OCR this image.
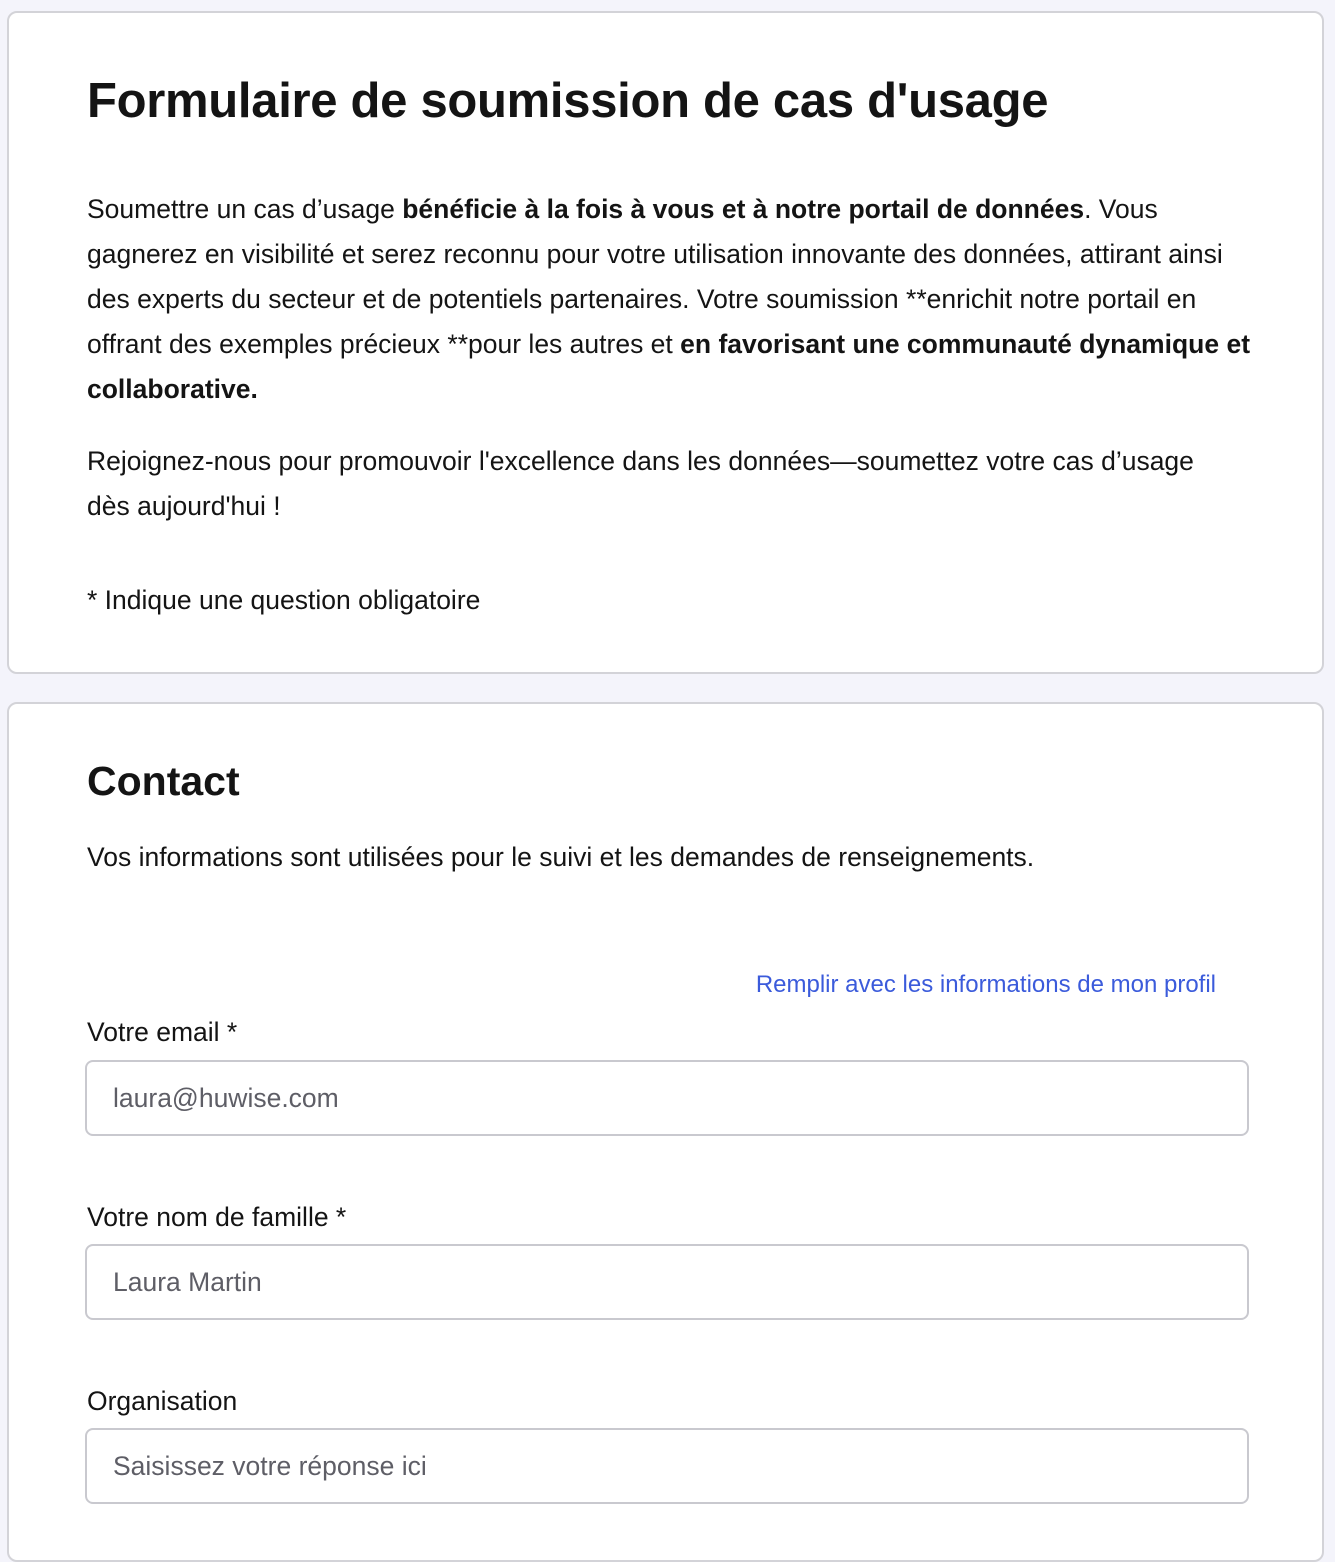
Formulaire de soumission de cas d'usage

Soumettre un cas d’usage bénéficie à la fois à vous et à notre portail de données. Vous gagnerez en visibilité et serez reconnu pour votre utilisation innovante des données, attirant ainsi des experts du secteur et de potentiels partenaires. Votre soumission **enrichit notre portail en offrant des exemples précieux **pour les autres et en favorisant une communauté dynamique et collaborative.

Rejoignez-nous pour promouvoir l'excellence dans les données—soumettez votre cas d’usage dès aujourd'hui !

* Indique une question obligatoire

Contact

Vos informations sont utilisées pour le suivi et les demandes de renseignements.

Remplir avec les informations de mon profil
Votre email *
laura@huwise.com
Votre nom de famille *
Laura Martin
Organisation
Saisissez votre réponse ici
